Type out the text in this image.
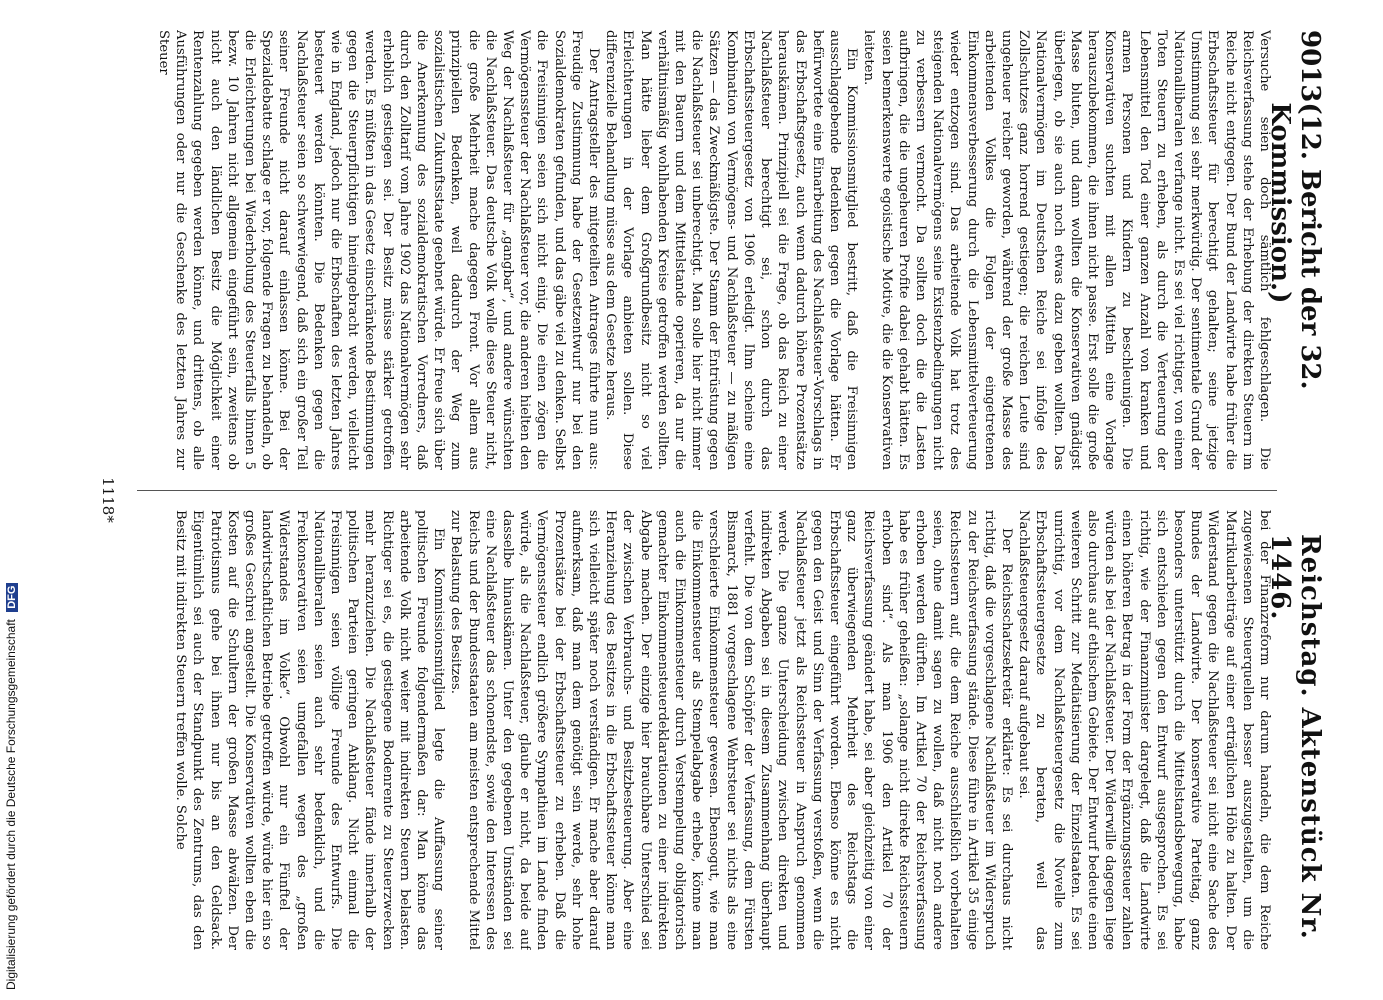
9013
(12. Bericht der 32. Kommission.)
Reichstag. Aktenstück Nr. 1446.

Versuche seien doch sämtlich fehlgeschlagen. Die Reichsverfassung stehe der Erhebung der direkten Steuern im Reiche nicht entgegen. Der Bund der Landwirte habe früher die Erbschaftssteuer für berechtigt gehalten; seine jetzige Umstimmung sei sehr merkwürdig. Der sentimentale Grund der Nationalliberalen verfange nicht. Es sei viel richtiger, von einem Toten Steuern zu erheben, als durch die Verteuerung der Lebensmittel den Tod einer ganzen Anzahl von kranken und armen Personen und Kindern zu beschleunigen. Die Konservativen suchten mit allen Mitteln eine Vorlage herauszubekommen, die ihnen nicht passe. Erst solle die große Masse bluten, und dann wollten die Konservativen gnädigst überlegen, ob sie auch noch etwas dazu geben wollten. Das Nationalvermögen im Deutschen Reiche sei infolge des Zollschutzes ganz horrend gestiegen; die reichen Leute sind ungeheuer reicher geworden, während der große Masse des arbeitenden Volkes die Folgen der eingetretenen Einkommensverbesserung durch die Lebensmittelverteuerung wieder entzogen sind. Das arbeitende Volk hat trotz des steigenden Nationalvermögens seine Existenzbedingungen nicht zu verbessern vermocht. Da sollten doch die die Lasten aufbringen, die die ungeheuren Profite dabei gehabt hätten. Es seien bemerkenswerte egoistische Motive, die die Konservativen leiteten.

Ein Kommissionsmitglied bestritt, daß die Freisinnigen ausschlaggebende Bedenken gegen die Vorlage hätten. Er befürwortete eine Einarbeitung des Nachlaßsteuer-Vorschlags in das Erbschaftsgesetz, auch wenn dadurch höhere Prozentsätze herauskämen. Prinzipiell sei die Frage, ob das Reich zu einer Nachlaßsteuer berechtigt sei, schon durch das Erbschaftssteuergesetz von 1906 erledigt. Ihm scheine eine Kombination von Vermögens- und Nachlaßsteuer — zu mäßigen Sätzen — das Zweckmäßigste. Der Stamm der Entrüstung gegen die Nachlaßsteuer sei unberechtigt. Man solle hier nicht immer mit den Bauern und dem Mittelstande operieren, da nur die verhältnismäßig wohlhabenden Kreise getroffen werden sollten. Man hätte lieber dem Großgrundbesitz nicht so viel Erleichterungen in der Vorlage anbieten sollen. Diese differenzielle Behandlung müsse aus dem Gesetze heraus.

Der Antragsteller des mitgeteilten Antrages führte nun aus: Freudige Zustimmung habe der Gesetzentwurf nur bei den Sozialdemokraten gefunden, und das gäbe viel zu denken. Selbst die Freisinnigen seien sich nicht einig. Die einen zögen die Vermögenssteuer der Nachlaßsteuer vor, die anderen hielten den Weg der Nachlaßsteuer für „gangbar“, und andere wünschten die Nachlaßsteuer. Das deutsche Volk wolle diese Steuer nicht, die große Mehrheit mache dagegen Front. Vor allem aus prinzipiellen Bedenken, weil dadurch der Weg zum sozialistischen Zukunftsstaate geebnet würde. Er freue sich über die Anerkennung des sozialdemokratischen Vorredners, daß durch den Zolltarif vom Jahre 1902 das Nationalvermögen sehr erheblich gestiegen sei. Der Besitz müsse stärker getroffen werden. Es müßten in das Gesetz einschränkende Bestimmungen gegen die Steuerpflichtigen hineingebracht werden, vielleicht wie in England, jedoch nur die Erbschaften des letzten Jahres besteuert werden könnten. Die Bedenken gegen die Nachlaßsteuer seien so schwerwiegend, daß sich ein großer Teil seiner Freunde nicht darauf einlassen könne. Bei der Spezialdebatte schlage er vor, folgende Fragen zu behandeln, ob die Erleichterungen bei Wiederholung des Steuerfalls binnen 5 bezw. 10 Jahren nicht allgemein eingeführt sein, zweitens ob nicht auch den ländlichen Besitz die Möglichkeit einer Rentenzahlung gegeben werden könne, und drittens, ob alle Ausführungen oder nur die Geschenke des letzten Jahres zur Steuer

bei der Finanzreform nur darum handeln, die dem Reiche zugewiesenen Steuerquellen besser auszugestalten, um die Matrikularbeiträge auf einer erträglichen Höhe zu halten. Der Widerstand gegen die Nachlaßsteuer sei nicht eine Sache des Bundes der Landwirte. Der konservative Parteitag, ganz besonders unterstützt durch die Mittelstandsbewegung, habe sich entschieden gegen den Entwurf ausgesprochen. Es sei richtig, wie der Finanzminister dargelegt, daß die Landwirte einen höheren Betrag in der Form der Ergänzungssteuer zahlen würden als bei der Nachlaßsteuer. Der Widerwille dagegen liege also durchaus auf ethischem Gebiete. Der Entwurf bedeute einen weiteren Schritt zur Mediatisierung der Einzelstaaten. Es sei unrichtig, vor dem Nachlaßsteuergesetz die Novelle zum Erbschaftssteuergesetze zu beraten, weil das Nachlaßsteuergesetz darauf aufgebaut sei.

Der Reichsschatzsekretär erklärte: Es sei durchaus nicht richtig, daß die vorgeschlagene Nachlaßsteuer im Widerspruch zu der Reichsverfassung stände. Diese führe in Artikel 35 einige Reichssteuern auf, die dem Reiche ausschließlich vorbehalten seien, ohne damit sagen zu wollen, daß nicht noch andere erhoben werden dürften. Im Artikel 70 der Reichsverfassung habe es früher geheißen: „solange nicht direkte Reichssteuern erhoben sind“. Als man 1906 den Artikel 70 der Reichsverfassung geändert habe, sei aber gleichzeitig von einer ganz überwiegenden Mehrheit des Reichstags die Erbschaftssteuer eingeführt worden. Ebenso könne es nicht gegen den Geist und Sinn der Verfassung verstoßen, wenn die Nachlaßsteuer jetzt als Reichssteuer in Anspruch genommen werde. Die ganze Unterscheidung zwischen direkten und indirekten Abgaben sei in diesem Zusammenhang überhaupt verfehlt. Die von dem Schöpfer der Verfassung, dem Fürsten Bismarck, 1881 vorgeschlagene Wehrsteuer sei nichts als eine verschleierte Einkommensteuer gewesen. Ebensogut, wie man die Einkommensteuer als Stempelabgabe erhebe, könne man auch die Einkommensteuer durch Verstempelung obligatorisch gemachter Einkommensteuerdeklarationen zu einer indirekten Abgabe machen. Der einzige hier brauchbare Unterschied sei der zwischen Verbrauchs- und Besitzbesteuerung. Aber eine Heranziehung des Besitzes in die Erbschaftssteuer könne man sich vielleicht später noch verständigen. Er mache aber darauf aufmerksam, daß man dem genötigt sein werde, sehr hohe Prozentsätze bei der Erbschaftssteuer zu erheben. Daß die Vermögenssteuer endlich größere Sympathien im Lande finden würde, als die Nachlaßsteuer, glaube er nicht, da beide auf dasselbe hinauskämen. Unter den gegebenen Umständen sei eine Nachlaßsteuer das schonendste, sowie den Interessen des Reichs und der Bundesstaaten am meisten entsprechende Mittel zur Belastung des Besitzes.

Ein Kommissionsmitglied legte die Auffassung seiner politischen Freunde folgendermaßen dar: Man könne das arbeitende Volk nicht weiter mit indirekten Steuern belasten. Richtiger sei es, die gestiegene Bodenrente zu Steuerzwecken mehr heranzuziehen. Die Nachlaßsteuer fände innerhalb der politischen Parteien geringen Anklang. Nicht einmal die Freisinnigen seien völlige Freunde des Entwurfs. Die Nationalliberalen seien auch sehr bedenklich, und die Freikonservativen seien umgefallen wegen des „großen Widerstandes im Volke“. Obwohl nur ein Fünftel der landwirtschaftlichen Betriebe getroffen würde, würde hier ein so großes Geschrei angestellt. Die Konservativen wollten eben die Kosten auf die Schultern der großen Masse abwälzen. Der Patriotismus gehe bei ihnen nur bis an den Geldsack. Eigentümlich sei auch der Standpunkt des Zentrums, das den Besitz mit indirekten Steuern treffen wolle. Solche

1118*
Digitalisierung gefördert durch die Deutsche Forschungsgemeinschaft DFG
